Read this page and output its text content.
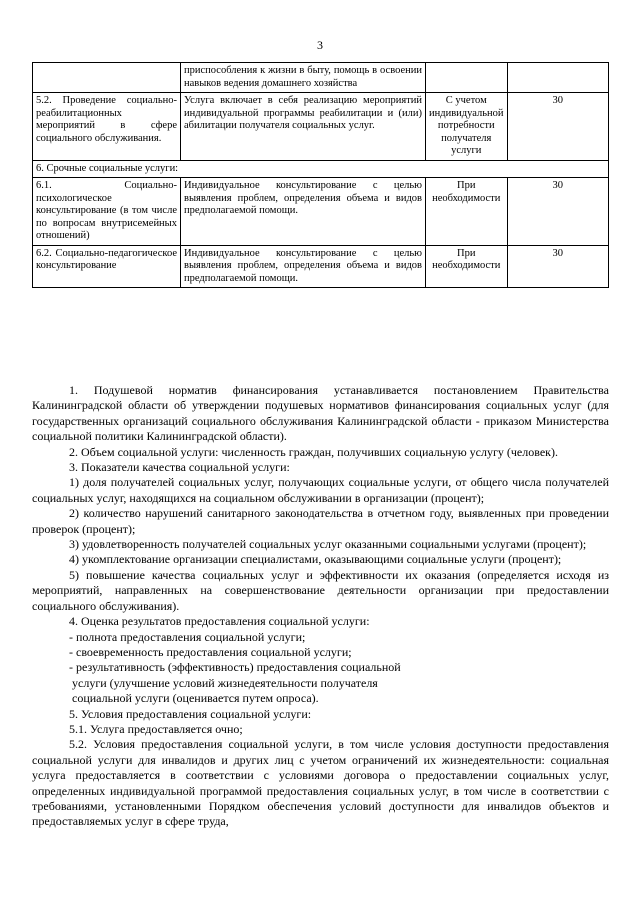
3
	приспособления к жизни в быту, помощь в освоении навыков ведения домашнего хозяйства		
5.2. Проведение социально-реабилитационных мероприятий в сфере социального обслуживания.	Услуга включает в себя реализацию мероприятий индивидуальной программы реабилитации и (или) абилитации получателя социальных услуг.	С учетом индивидуальной потребности получателя услуги	30
6. Срочные социальные услуги:			
6.1. Социально-психологическое консультирование (в том числе по вопросам внутрисемейных отношений)	Индивидуальное консультирование с целью выявления проблем, определения объема и видов предполагаемой помощи.	При необходимости	30
6.2. Социально-педагогическое консультирование	Индивидуальное консультирование с целью выявления проблем, определения объема и видов предполагаемой помощи.	При необходимости	30

1. Подушевой норматив финансирования устанавливается постановлением Правительства Калининградской области об утверждении подушевых нормативов финансирования социальных услуг (для государственных организаций социального обслуживания Калининградской области - приказом Министерства социальной политики Калининградской области).

2. Объем социальной услуги: численность граждан, получивших социальную услугу (человек).

3. Показатели качества социальной услуги:

1) доля получателей социальных услуг, получающих социальные услуги, от общего числа получателей социальных услуг, находящихся на социальном обслуживании в организации (процент);

2) количество нарушений санитарного законодательства в отчетном году, выявленных при проведении проверок (процент);

3) удовлетворенность получателей социальных услуг оказанными социальными услугами (процент);

4) укомплектование организации специалистами, оказывающими социальные услуги (процент);

5) повышение качества социальных услуг и эффективности их оказания (определяется исходя из мероприятий, направленных на совершенствование деятельности организации при предоставлении социального обслуживания).

4. Оценка результатов предоставления социальной услуги:

- полнота предоставления социальной услуги;

- своевременность предоставления социальной услуги;

- результативность (эффективность) предоставления социальной

услуги (улучшение условий жизнедеятельности получателя

социальной услуги (оценивается путем опроса).

5. Условия предоставления социальной услуги:

5.1. Услуга предоставляется очно;

5.2. Условия предоставления социальной услуги, в том числе условия доступности предоставления социальной услуги для инвалидов и других лиц с учетом ограничений их жизнедеятельности: социальная услуга предоставляется в соответствии с условиями договора о предоставлении социальных услуг, определенных индивидуальной программой предоставления социальных услуг, в том числе в соответствии с требованиями, установленными Порядком обеспечения условий доступности для инвалидов объектов и предоставляемых услуг в сфере труда,
